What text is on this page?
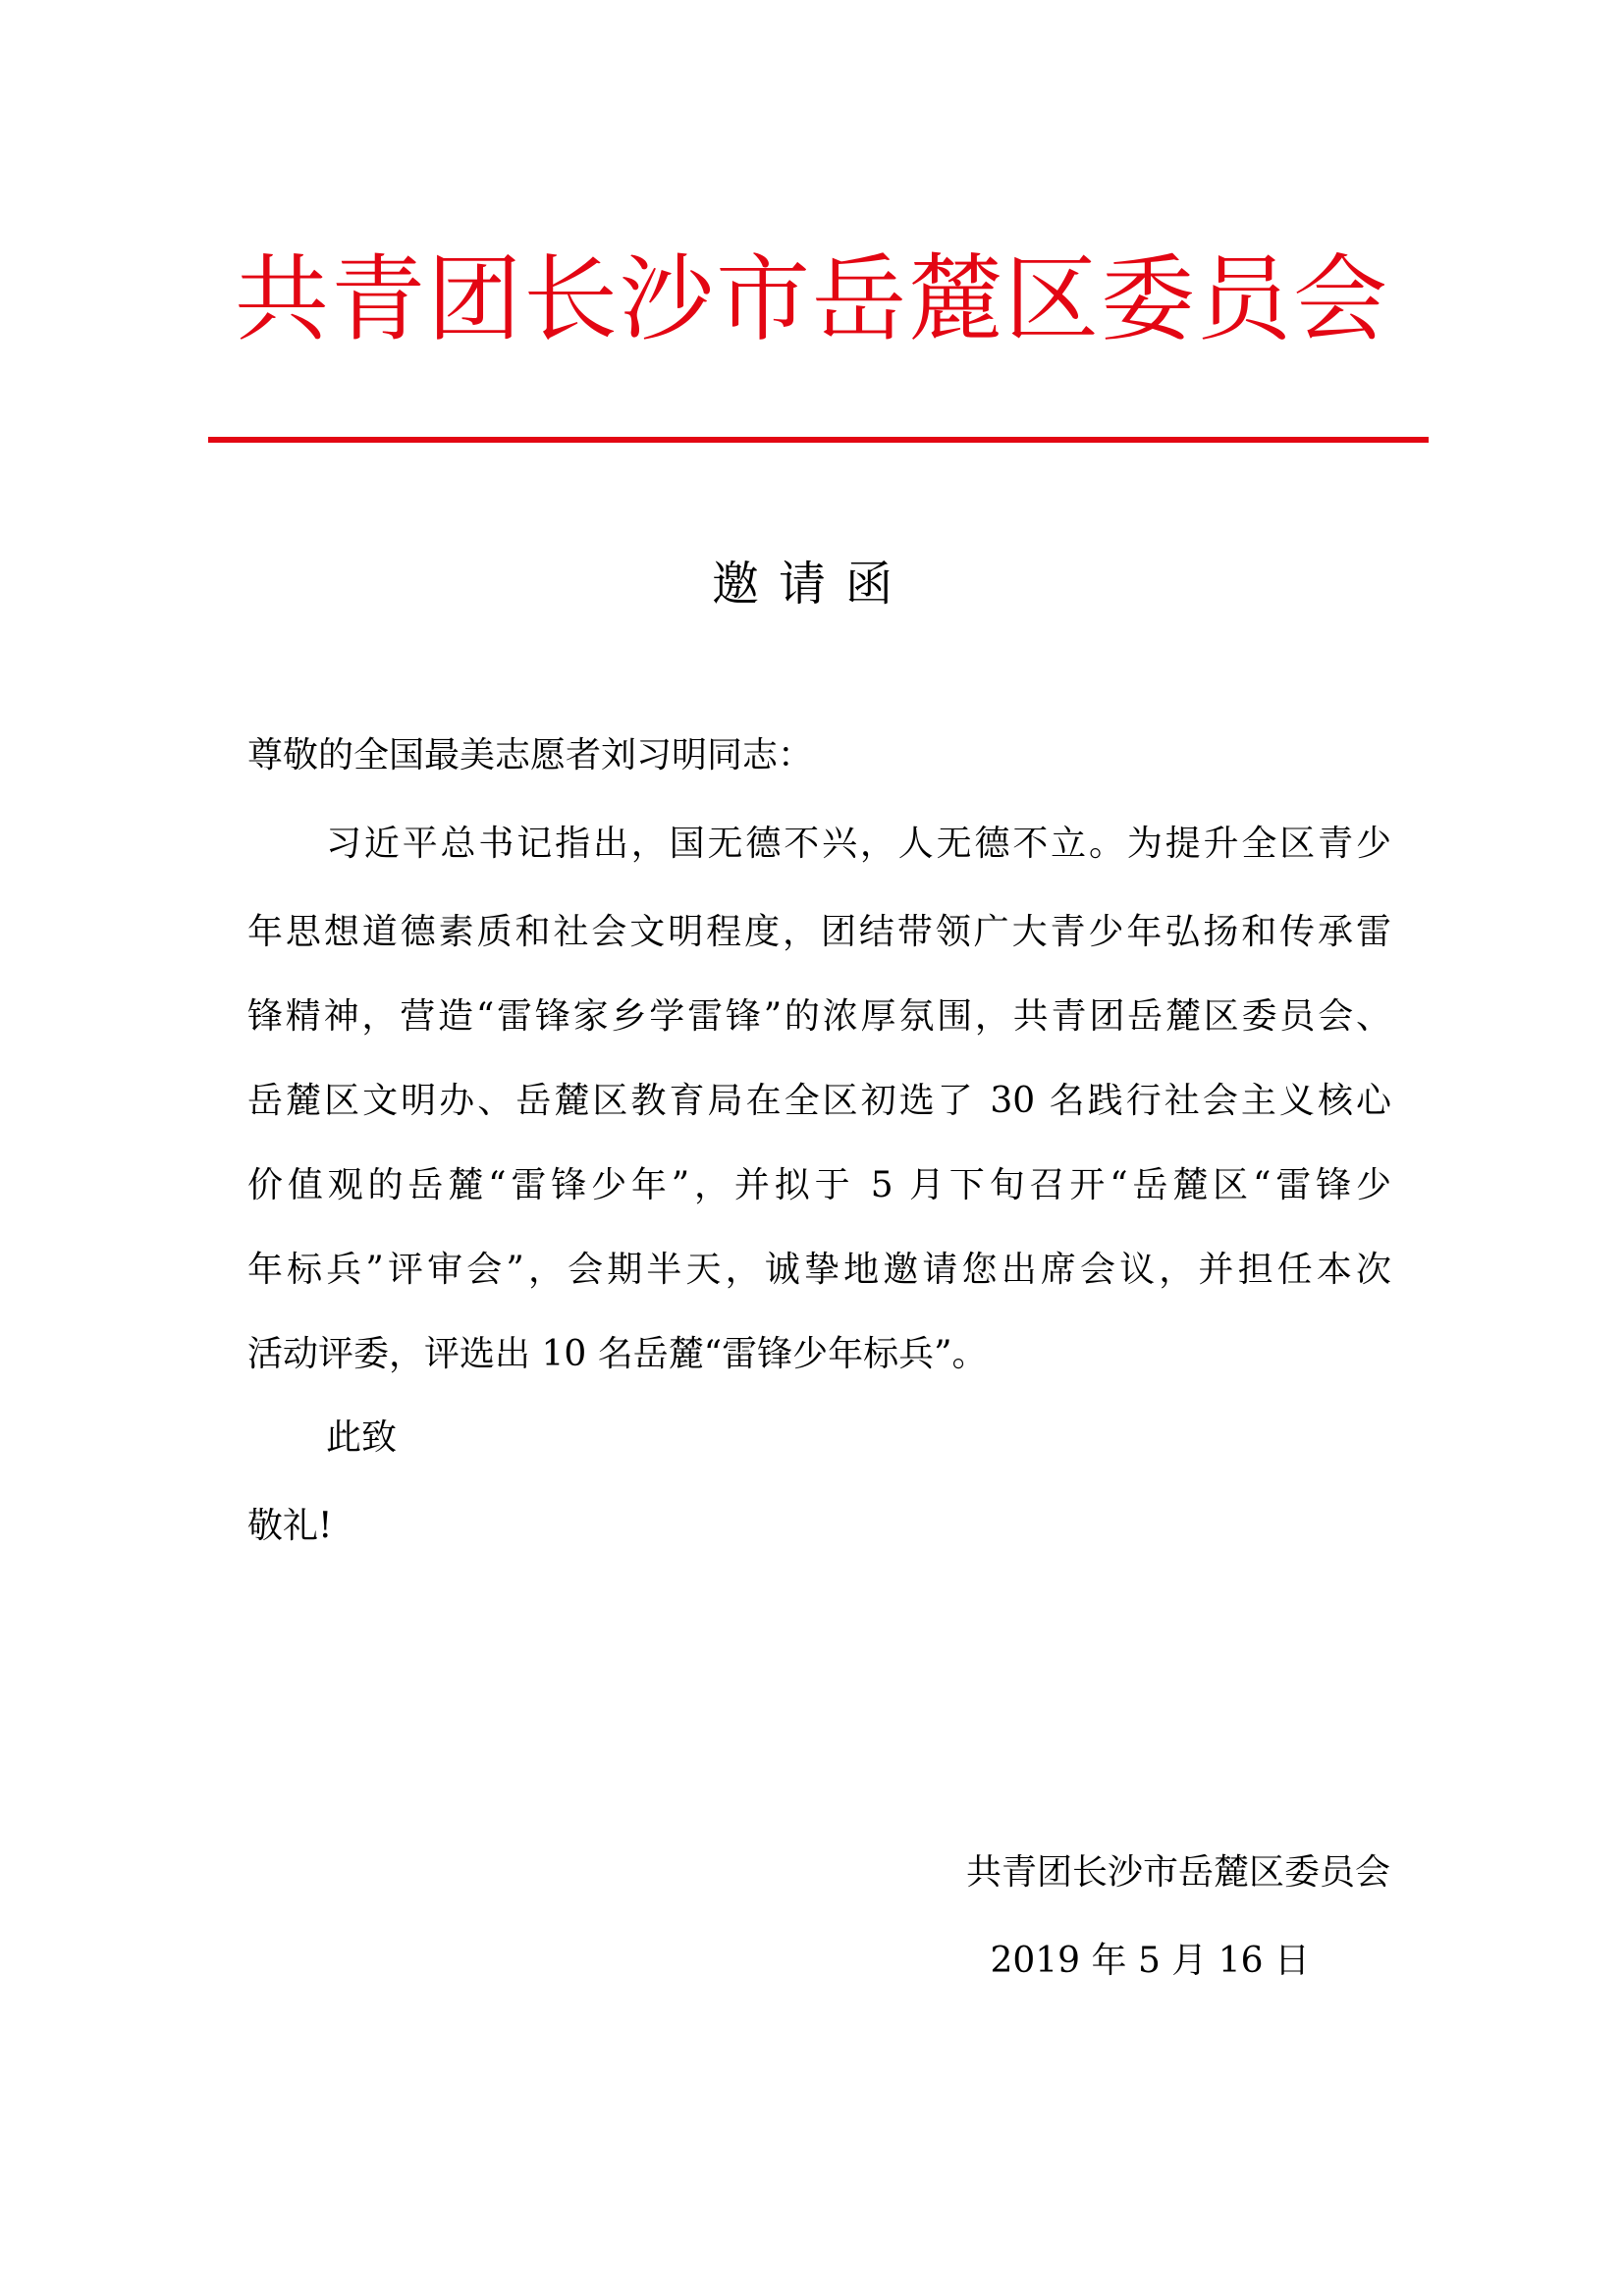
共青团长沙市岳麓区委员会
邀请函
尊敬的全国最美志愿者刘习明同志：
习近平总书记指出，国无德不兴，人无德不立。为提升全区青少
年思想道德素质和社会文明程度，团结带领广大青少年弘扬和传承雷
锋精神，营造“雷锋家乡学雷锋”的浓厚氛围，共青团岳麓区委员会、
岳麓区文明办、岳麓区教育局在全区初选了 30 名践行社会主义核心
价值观的岳麓“雷锋少年”，并拟于 5 月下旬召开“岳麓区“雷锋少
年标兵”评审会”，会期半天，诚挚地邀请您出席会议，并担任本次
活动评委，评选出 10 名岳麓“雷锋少年标兵”。
此致
敬礼!
共青团长沙市岳麓区委员会
2019 年 5 月 16 日
